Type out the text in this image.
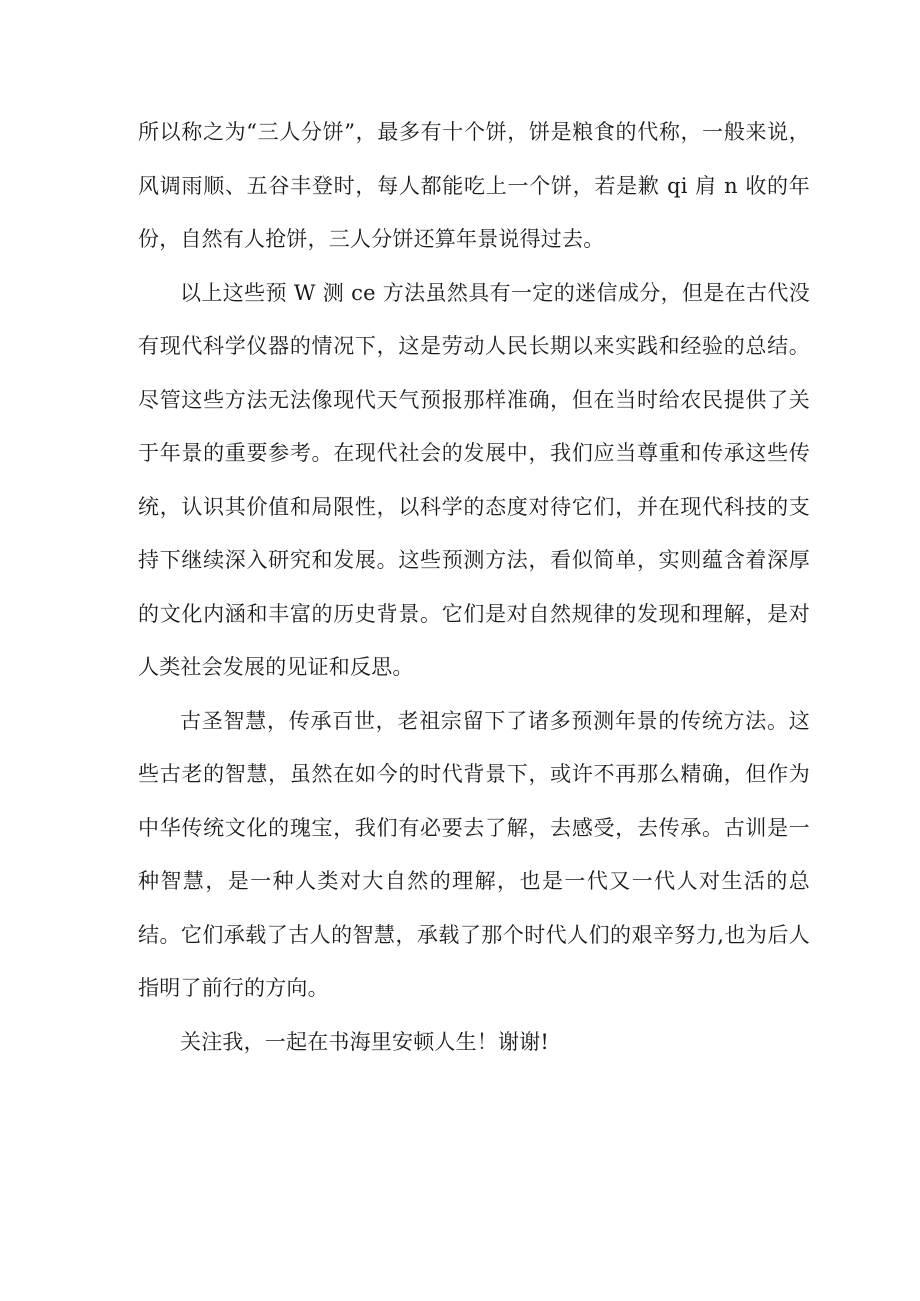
所以称之为“三人分饼”，最多有十个饼，饼是粮食的代称，一般来说，风调雨顺、五谷丰登时，每人都能吃上一个饼，若是歉 qi 肩 n 收的年份，自然有人抢饼，三人分饼还算年景说得过去。

以上这些预 W 测 ce 方法虽然具有一定的迷信成分，但是在古代没有现代科学仪器的情况下，这是劳动人民长期以来实践和经验的总结。尽管这些方法无法像现代天气预报那样准确，但在当时给农民提供了关于年景的重要参考。在现代社会的发展中，我们应当尊重和传承这些传统，认识其价值和局限性，以科学的态度对待它们，并在现代科技的支持下继续深入研究和发展。这些预测方法，看似简单，实则蕴含着深厚的文化内涵和丰富的历史背景。它们是对自然规律的发现和理解，是对人类社会发展的见证和反思。

古圣智慧，传承百世，老祖宗留下了诸多预测年景的传统方法。这些古老的智慧，虽然在如今的时代背景下，或许不再那么精确，但作为中华传统文化的瑰宝，我们有必要去了解，去感受，去传承。古训是一种智慧，是一种人类对大自然的理解，也是一代又一代人对生活的总结。它们承载了古人的智慧，承载了那个时代人们的艰辛努力,也为后人指明了前行的方向。

关注我，一起在书海里安顿人生！谢谢!
